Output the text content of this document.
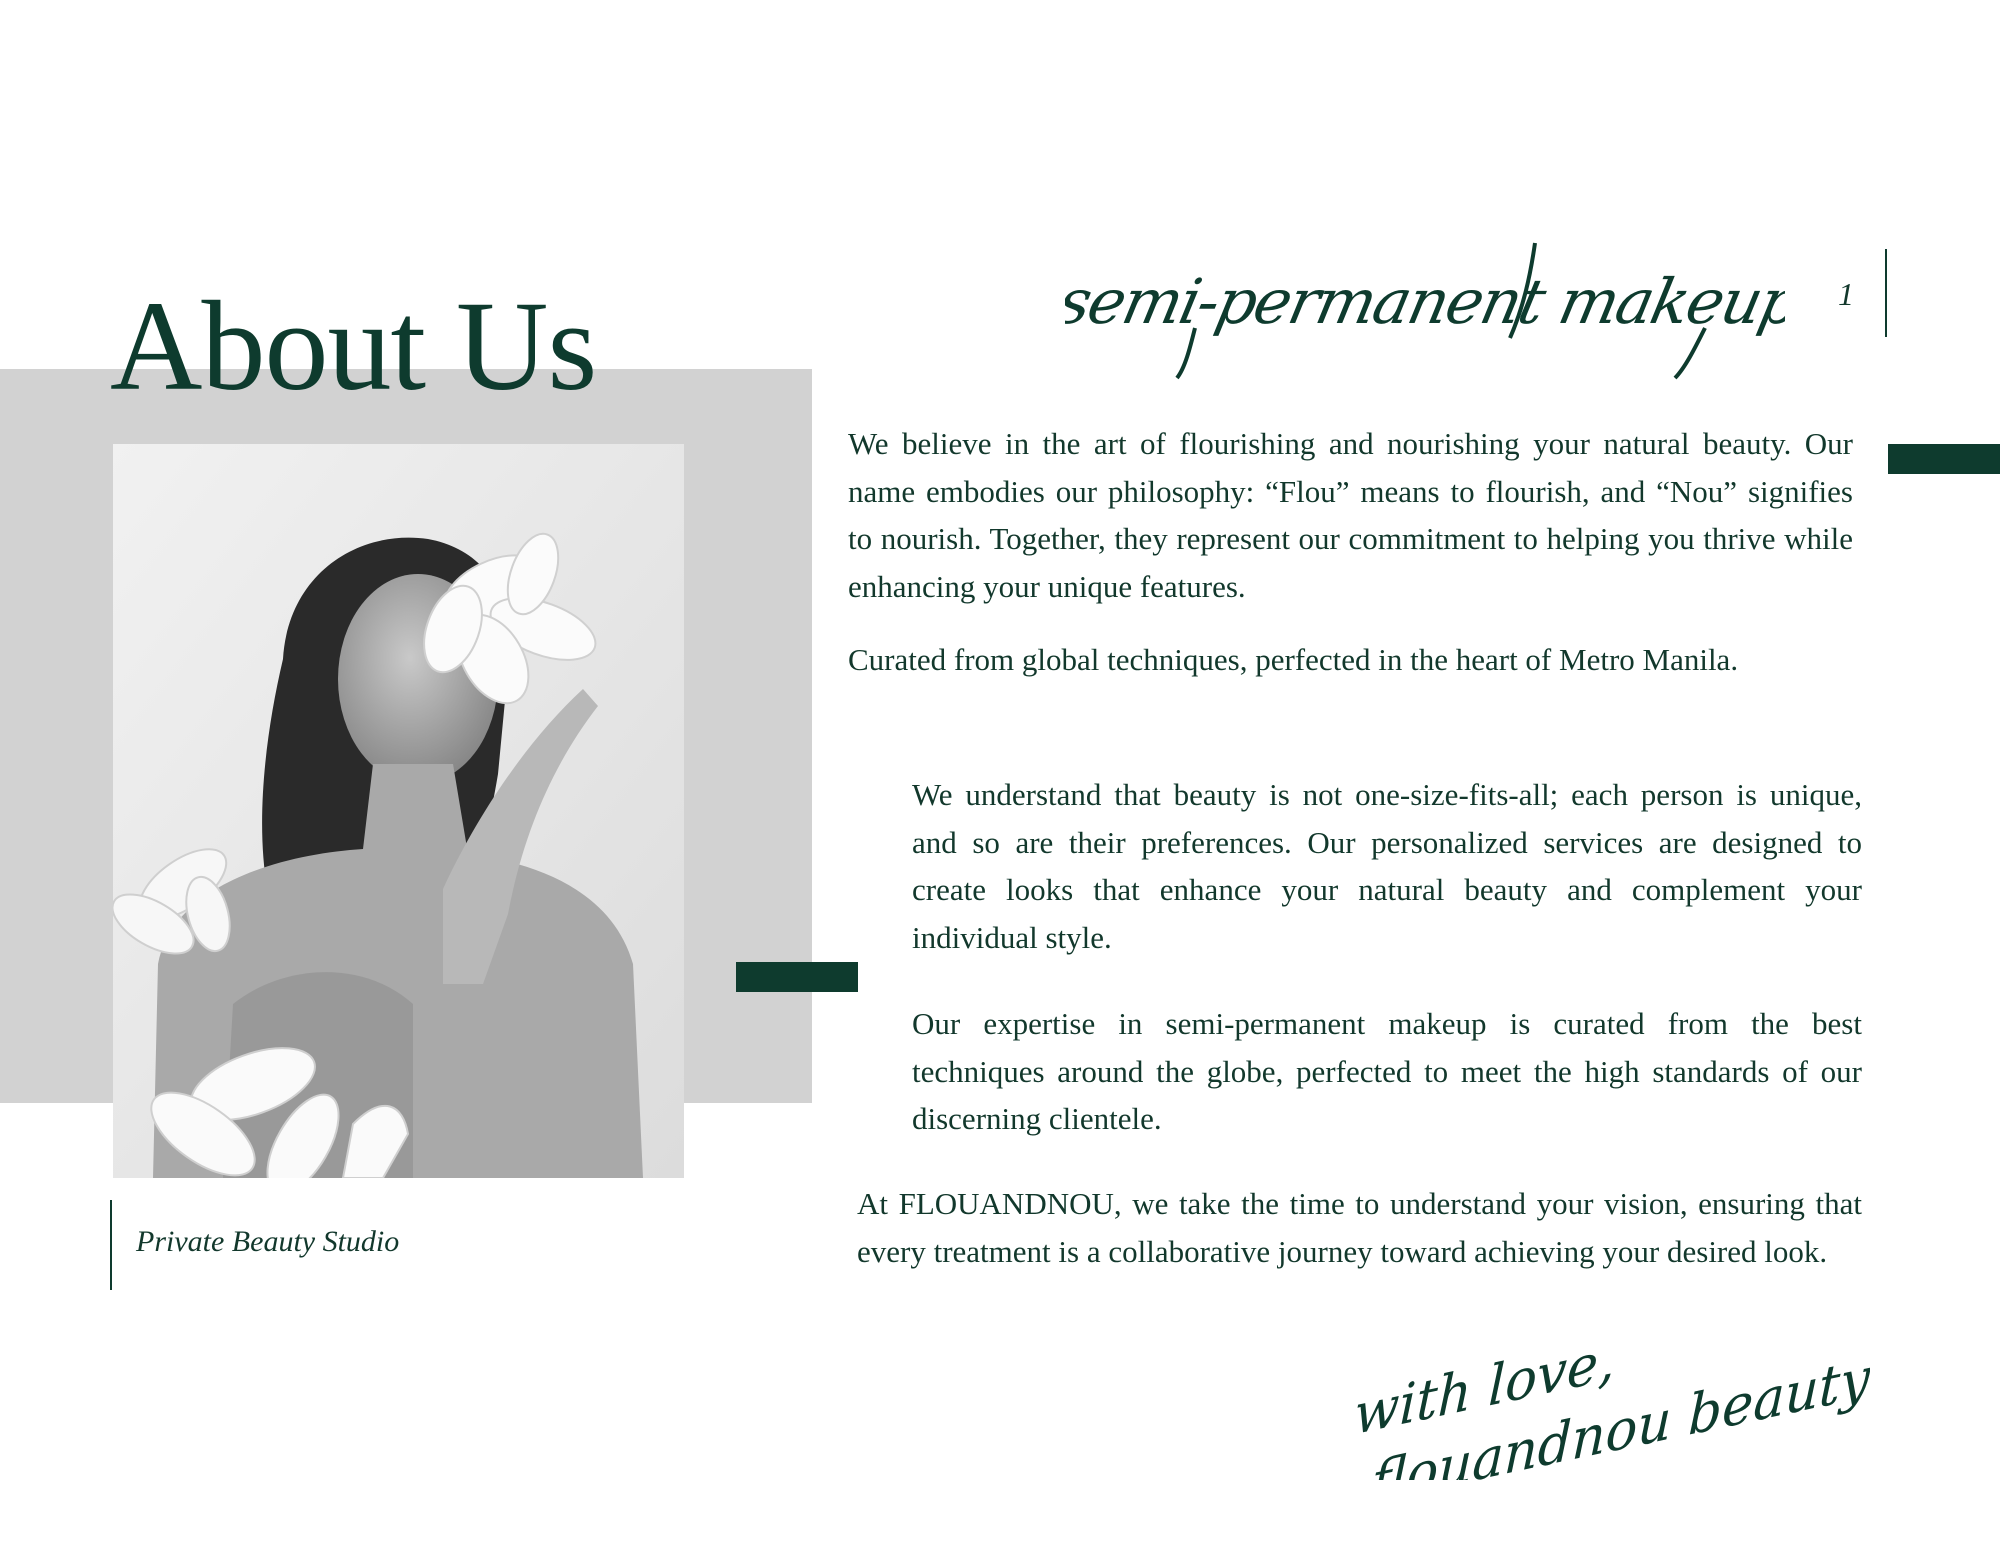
About Us	1
semi-permanent makeup
We believe in the art of flourishing and nourishing your natural beauty. Our name embodies our philosophy: “Flou” means to flourish, and “Nou” signifies to nourish. Together, they represent our commitment to helping you thrive while enhancing your unique features.
Curated from global techniques, perfected in the heart of Metro Manila.
We understand that beauty is not one-size-fits-all; each person is unique, and so are their preferences. Our personalized services are designed to create looks that enhance your natural beauty and complement your individual style.
Our expertise in semi-permanent makeup is curated from the best techniques around the globe, perfected to meet the high standards of our discerning clientele.
At FLOUANDNOU, we take the time to understand your vision, ensuring that every treatment is a collaborative journey toward achieving your desired look.
Private Beauty Studio
with love,
flouandnou beauty
